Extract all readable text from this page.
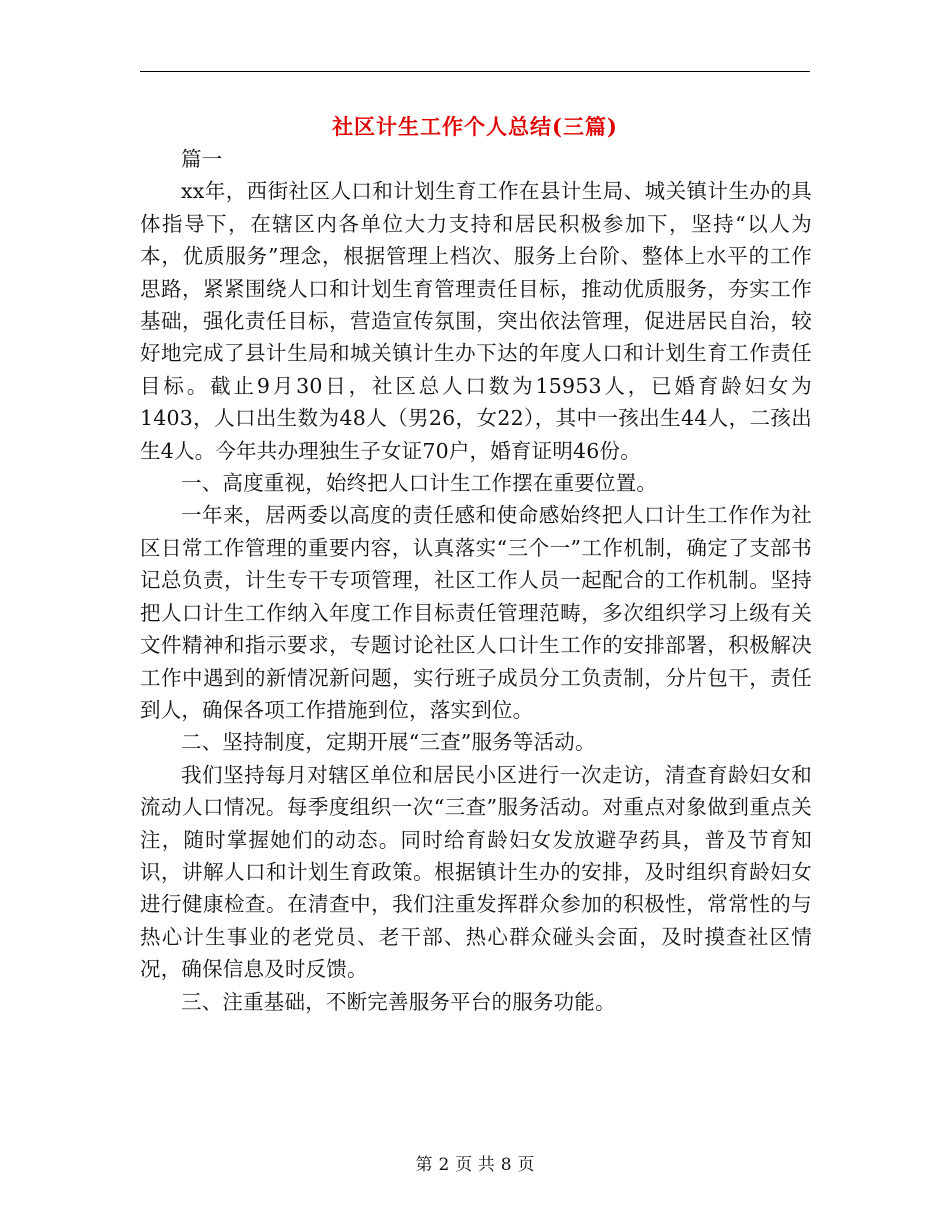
社区计生工作个人总结(三篇)

篇一

xx年，西街社区人口和计划生育工作在县计生局、城关镇计生办的具体指导下，在辖区内各单位大力支持和居民积极参加下，坚持“以人为本，优质服务”理念，根据管理上档次、服务上台阶、整体上水平的工作思路，紧紧围绕人口和计划生育管理责任目标，推动优质服务，夯实工作基础，强化责任目标，营造宣传氛围，突出依法管理，促进居民自治，较好地完成了县计生局和城关镇计生办下达的年度人口和计划生育工作责任目标。截止9月30日，社区总人口数为15953人，已婚育龄妇女为1403，人口出生数为48人（男26，女22），其中一孩出生44人，二孩出生4人。今年共办理独生子女证70户，婚育证明46份。

一、高度重视，始终把人口计生工作摆在重要位置。

一年来，居两委以高度的责任感和使命感始终把人口计生工作作为社区日常工作管理的重要内容，认真落实“三个一”工作机制，确定了支部书记总负责，计生专干专项管理，社区工作人员一起配合的工作机制。坚持把人口计生工作纳入年度工作目标责任管理范畴，多次组织学习上级有关文件精神和指示要求，专题讨论社区人口计生工作的安排部署，积极解决工作中遇到的新情况新问题，实行班子成员分工负责制，分片包干，责任到人，确保各项工作措施到位，落实到位。

二、坚持制度，定期开展“三查”服务等活动。

我们坚持每月对辖区单位和居民小区进行一次走访，清查育龄妇女和流动人口情况。每季度组织一次“三查”服务活动。对重点对象做到重点关注，随时掌握她们的动态。同时给育龄妇女发放避孕药具，普及节育知识，讲解人口和计划生育政策。根据镇计生办的安排，及时组织育龄妇女进行健康检查。在清查中，我们注重发挥群众参加的积极性，常常性的与热心计生事业的老党员、老干部、热心群众碰头会面，及时摸查社区情况，确保信息及时反馈。

三、注重基础，不断完善服务平台的服务功能。

第 2 页 共 8 页
